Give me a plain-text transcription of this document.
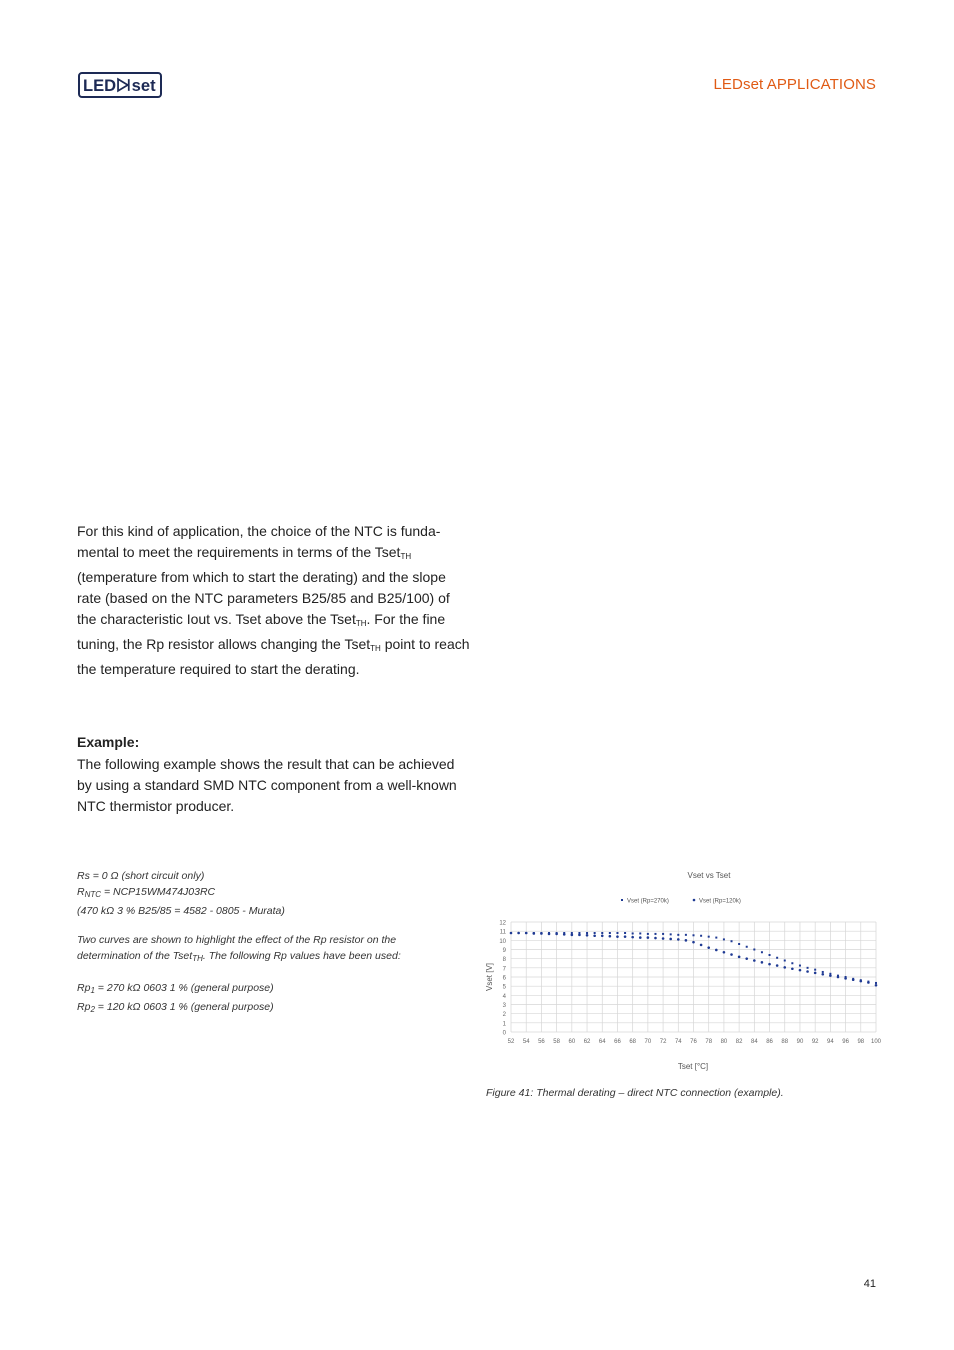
LED set	LEDset APPLICATIONS
For this kind of application, the choice of the NTC is funda-mental to meet the requirements in terms of the Tset$_{TH}$ (temperature from which to start the derating) and the slope rate (based on the NTC parameters B25/85 and B25/100) of the characteristic Iout vs. Tset above the Tset$_{TH}$. For the fine tuning, the Rp resistor allows changing the Tset$_{TH}$ point to reach the temperature required to start the derating.
Example:
The following example shows the result that can be achieved by using a standard SMD NTC component from a well-known NTC thermistor producer.
Rs = 0 Ω (short circuit only)
$R_{NTC} = NCP15WM474J03RC$
(470 kΩ 3 % B25/85 = 4582 - 0805 - Murata)
Two curves are shown to highlight the effect of the Rp resistor on the determination of the Tset$_{TH}$. The following Rp values have been used:
$Rp_1 = 270$ kΩ 0603 1 % (general purpose)
$Rp_2 = 120$ kΩ 0603 1 % (general purpose)
Vset vs Tset
Vset (Rp=270k)	Vset (Rp=120k)
0
1
2
3
4
5
6
7
8
9
10
11
12
52 54 56 58 60 62 64 66 68 70 72 74 76 78 80 82 84 86 88 90 92 94 96 98 100
Tset [°C]
Vset [V]
Figure 41: Thermal derating – direct NTC connection (example).
41
